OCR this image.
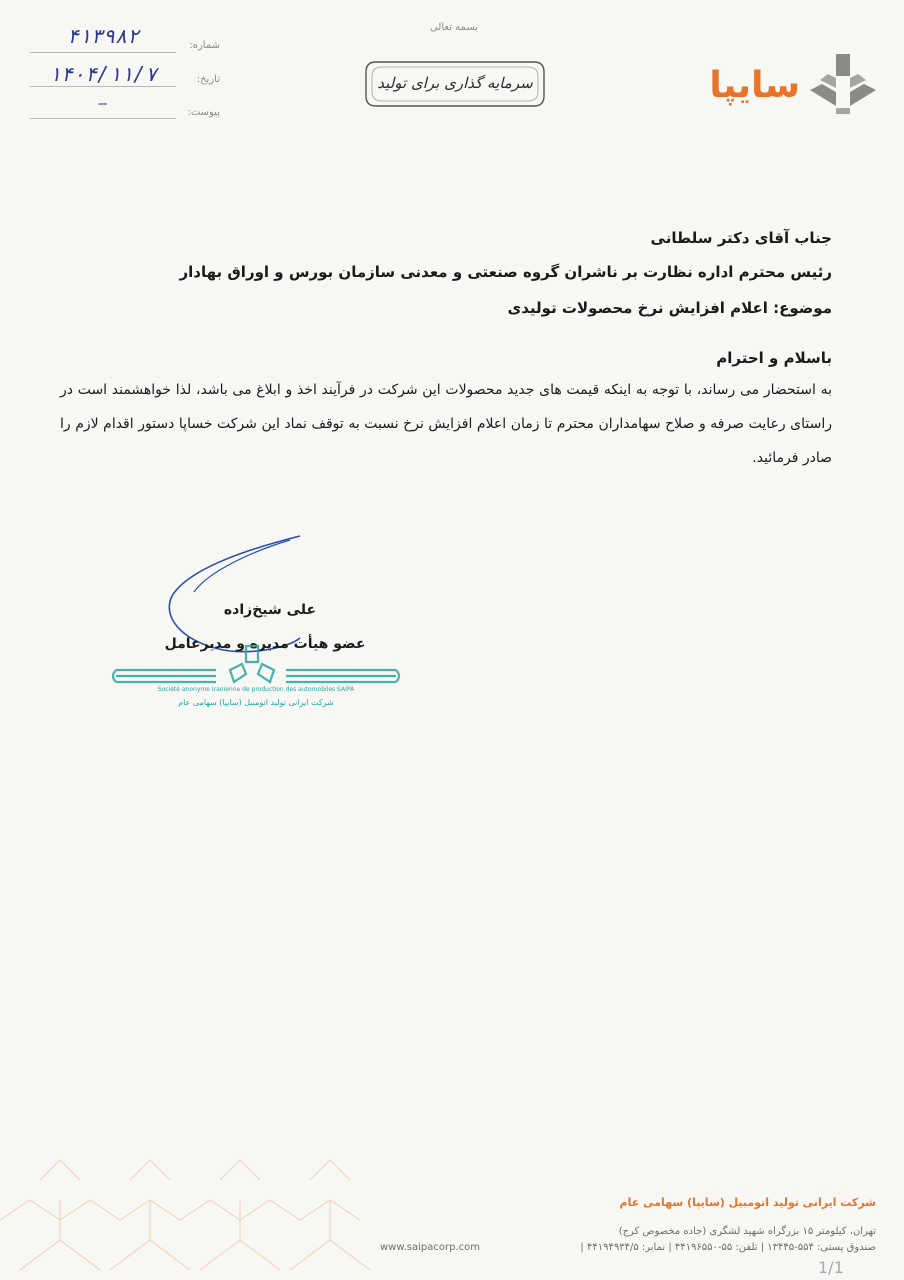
بسمه تعالی
سرمایه گذاری برای تولید	سایپا
شماره:
۴۱۳۹۸۲
تاریخ:
۱۴۰۴/۱۱/۷
پیوست:
—
جناب آقای دکتر سلطانی
رئیس محترم اداره نظارت بر ناشران گروه صنعتی و معدنی سازمان بورس و اوراق بهادار
موضوع: اعلام افزایش نرخ محصولات تولیدی
باسلام و احترام
به استحضار می رساند، با توجه به اینکه قیمت های جدید محصولات این شرکت در فرآیند اخذ و ابلاغ می باشد، لذا خواهشمند است در راستای رعایت صرفه و صلاح سهامداران محترم تا زمان اعلام افزایش نرخ نسبت به توقف نماد این شرکت خساپا دستور اقدام لازم را صادر فرمائید.
علی شیخ‌زاده
عضو هیأت مدیره و مدیرعامل
Société anonyme Iranienne de production des automobiles SAIPA
شرکت ایرانی تولید اتومبیل (سایپا) سهامی عام
شرکت ایرانی تولید اتومبیل (سایپا) سهامی عام
تهران، کیلومتر ۱۵ بزرگراه شهید لشگری (جاده مخصوص کرج)
صندوق پستی: ۵۵۴-۱۳۴۴۵ | تلفن: ۵۵-۴۴۱۹۶۵۵۰ | نمابر: ۴۴۱۹۴۹۳۴/۵ |
www.saipacorp.com
1/1
